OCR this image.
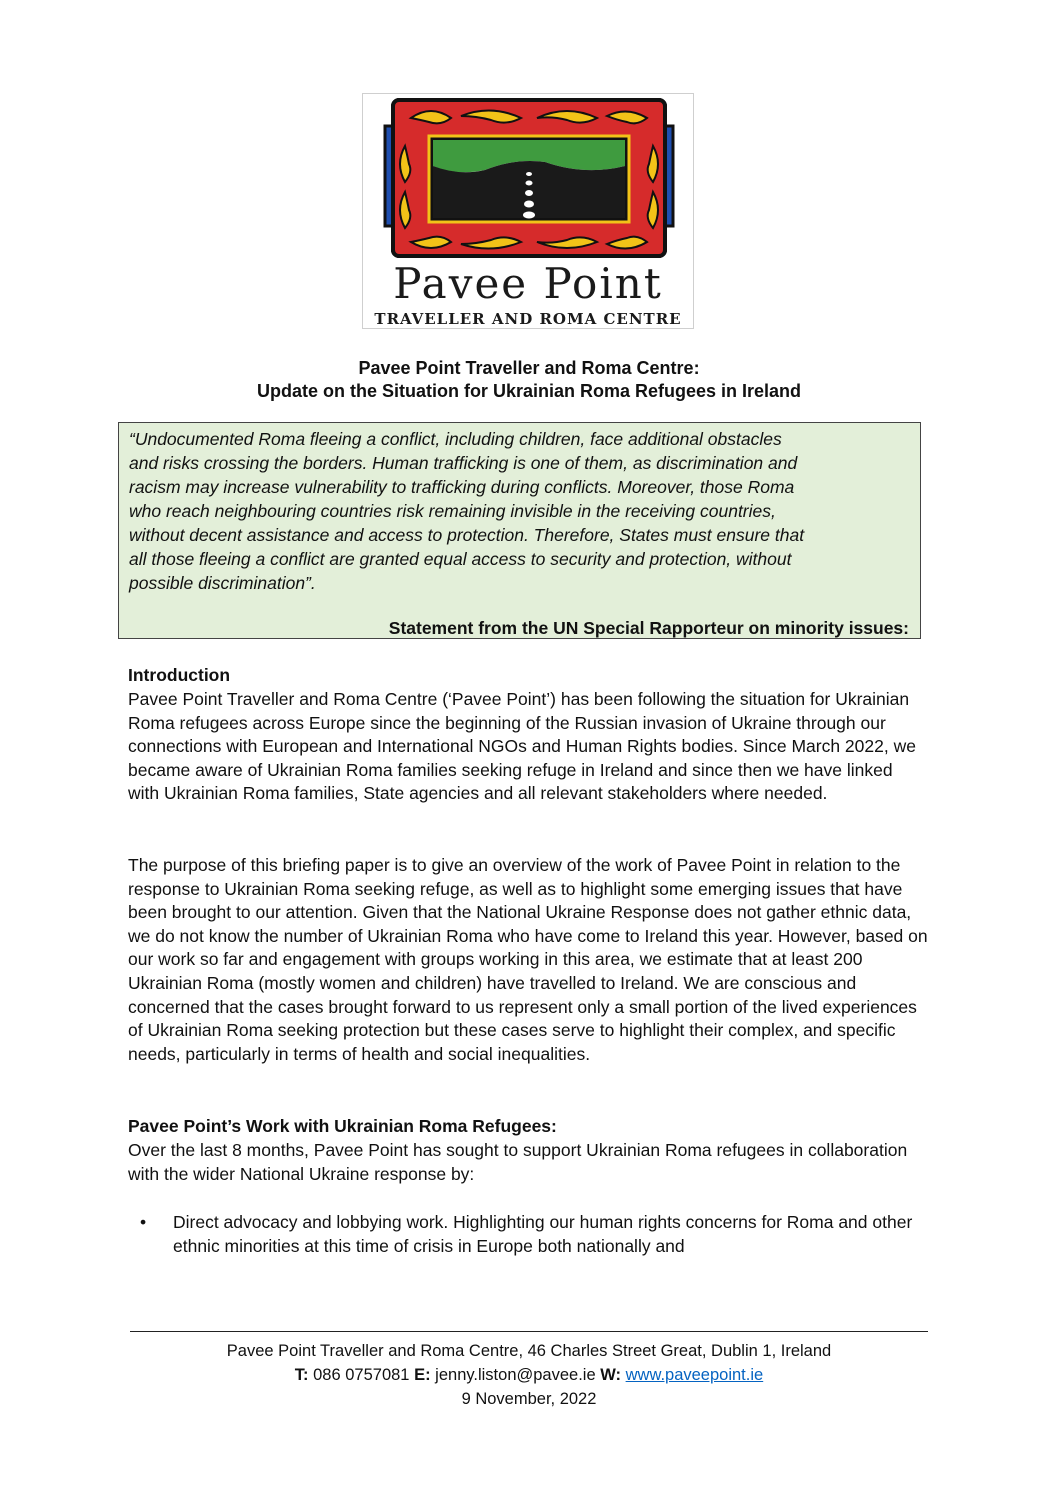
Pavee Point
TRAVELLER AND ROMA CENTRE
Pavee Point Traveller and Roma Centre:
Update on the Situation for Ukrainian Roma Refugees in Ireland
“Undocumented Roma fleeing a conflict, including children, face additional obstacles
and risks crossing the borders. Human trafficking is one of them, as discrimination and
racism may increase vulnerability to trafficking during conflicts. Moreover, those Roma
who reach neighbouring countries risk remaining invisible in the receiving countries,
without decent assistance and access to protection. Therefore, States must ensure that
all those fleeing a conflict are granted equal access to security and protection, without
possible discrimination”.
Statement from the UN Special Rapporteur on minority issues:
Introduction
Pavee Point Traveller and Roma Centre (‘Pavee Point’) has been following the situation for Ukrainian Roma refugees across Europe since the beginning of the Russian invasion of Ukraine through our connections with European and International NGOs and Human Rights bodies. Since March 2022, we became aware of Ukrainian Roma families seeking refuge in Ireland and since then we have linked with Ukrainian Roma families, State agencies and all relevant stakeholders where needed.
The purpose of this briefing paper is to give an overview of the work of Pavee Point in relation to the response to Ukrainian Roma seeking refuge, as well as to highlight some emerging issues that have been brought to our attention. Given that the National Ukraine Response does not gather ethnic data, we do not know the number of Ukrainian Roma who have come to Ireland this year. However, based on our work so far and engagement with groups working in this area, we estimate that at least 200 Ukrainian Roma (mostly women and children) have travelled to Ireland. We are conscious and concerned that the cases brought forward to us represent only a small portion of the lived experiences of Ukrainian Roma seeking protection but these cases serve to highlight their complex, and specific needs, particularly in terms of health and social inequalities.
Pavee Point’s Work with Ukrainian Roma Refugees:
Over the last 8 months, Pavee Point has sought to support Ukrainian Roma refugees in collaboration with the wider National Ukraine response by:
•	Direct advocacy and lobbying work. Highlighting our human rights concerns for Roma and other ethnic minorities at this time of crisis in Europe both nationally and
Pavee Point Traveller and Roma Centre, 46 Charles Street Great, Dublin 1, Ireland
T: 086 0757081 E: jenny.liston@pavee.ie W: www.paveepoint.ie
9 November, 2022
